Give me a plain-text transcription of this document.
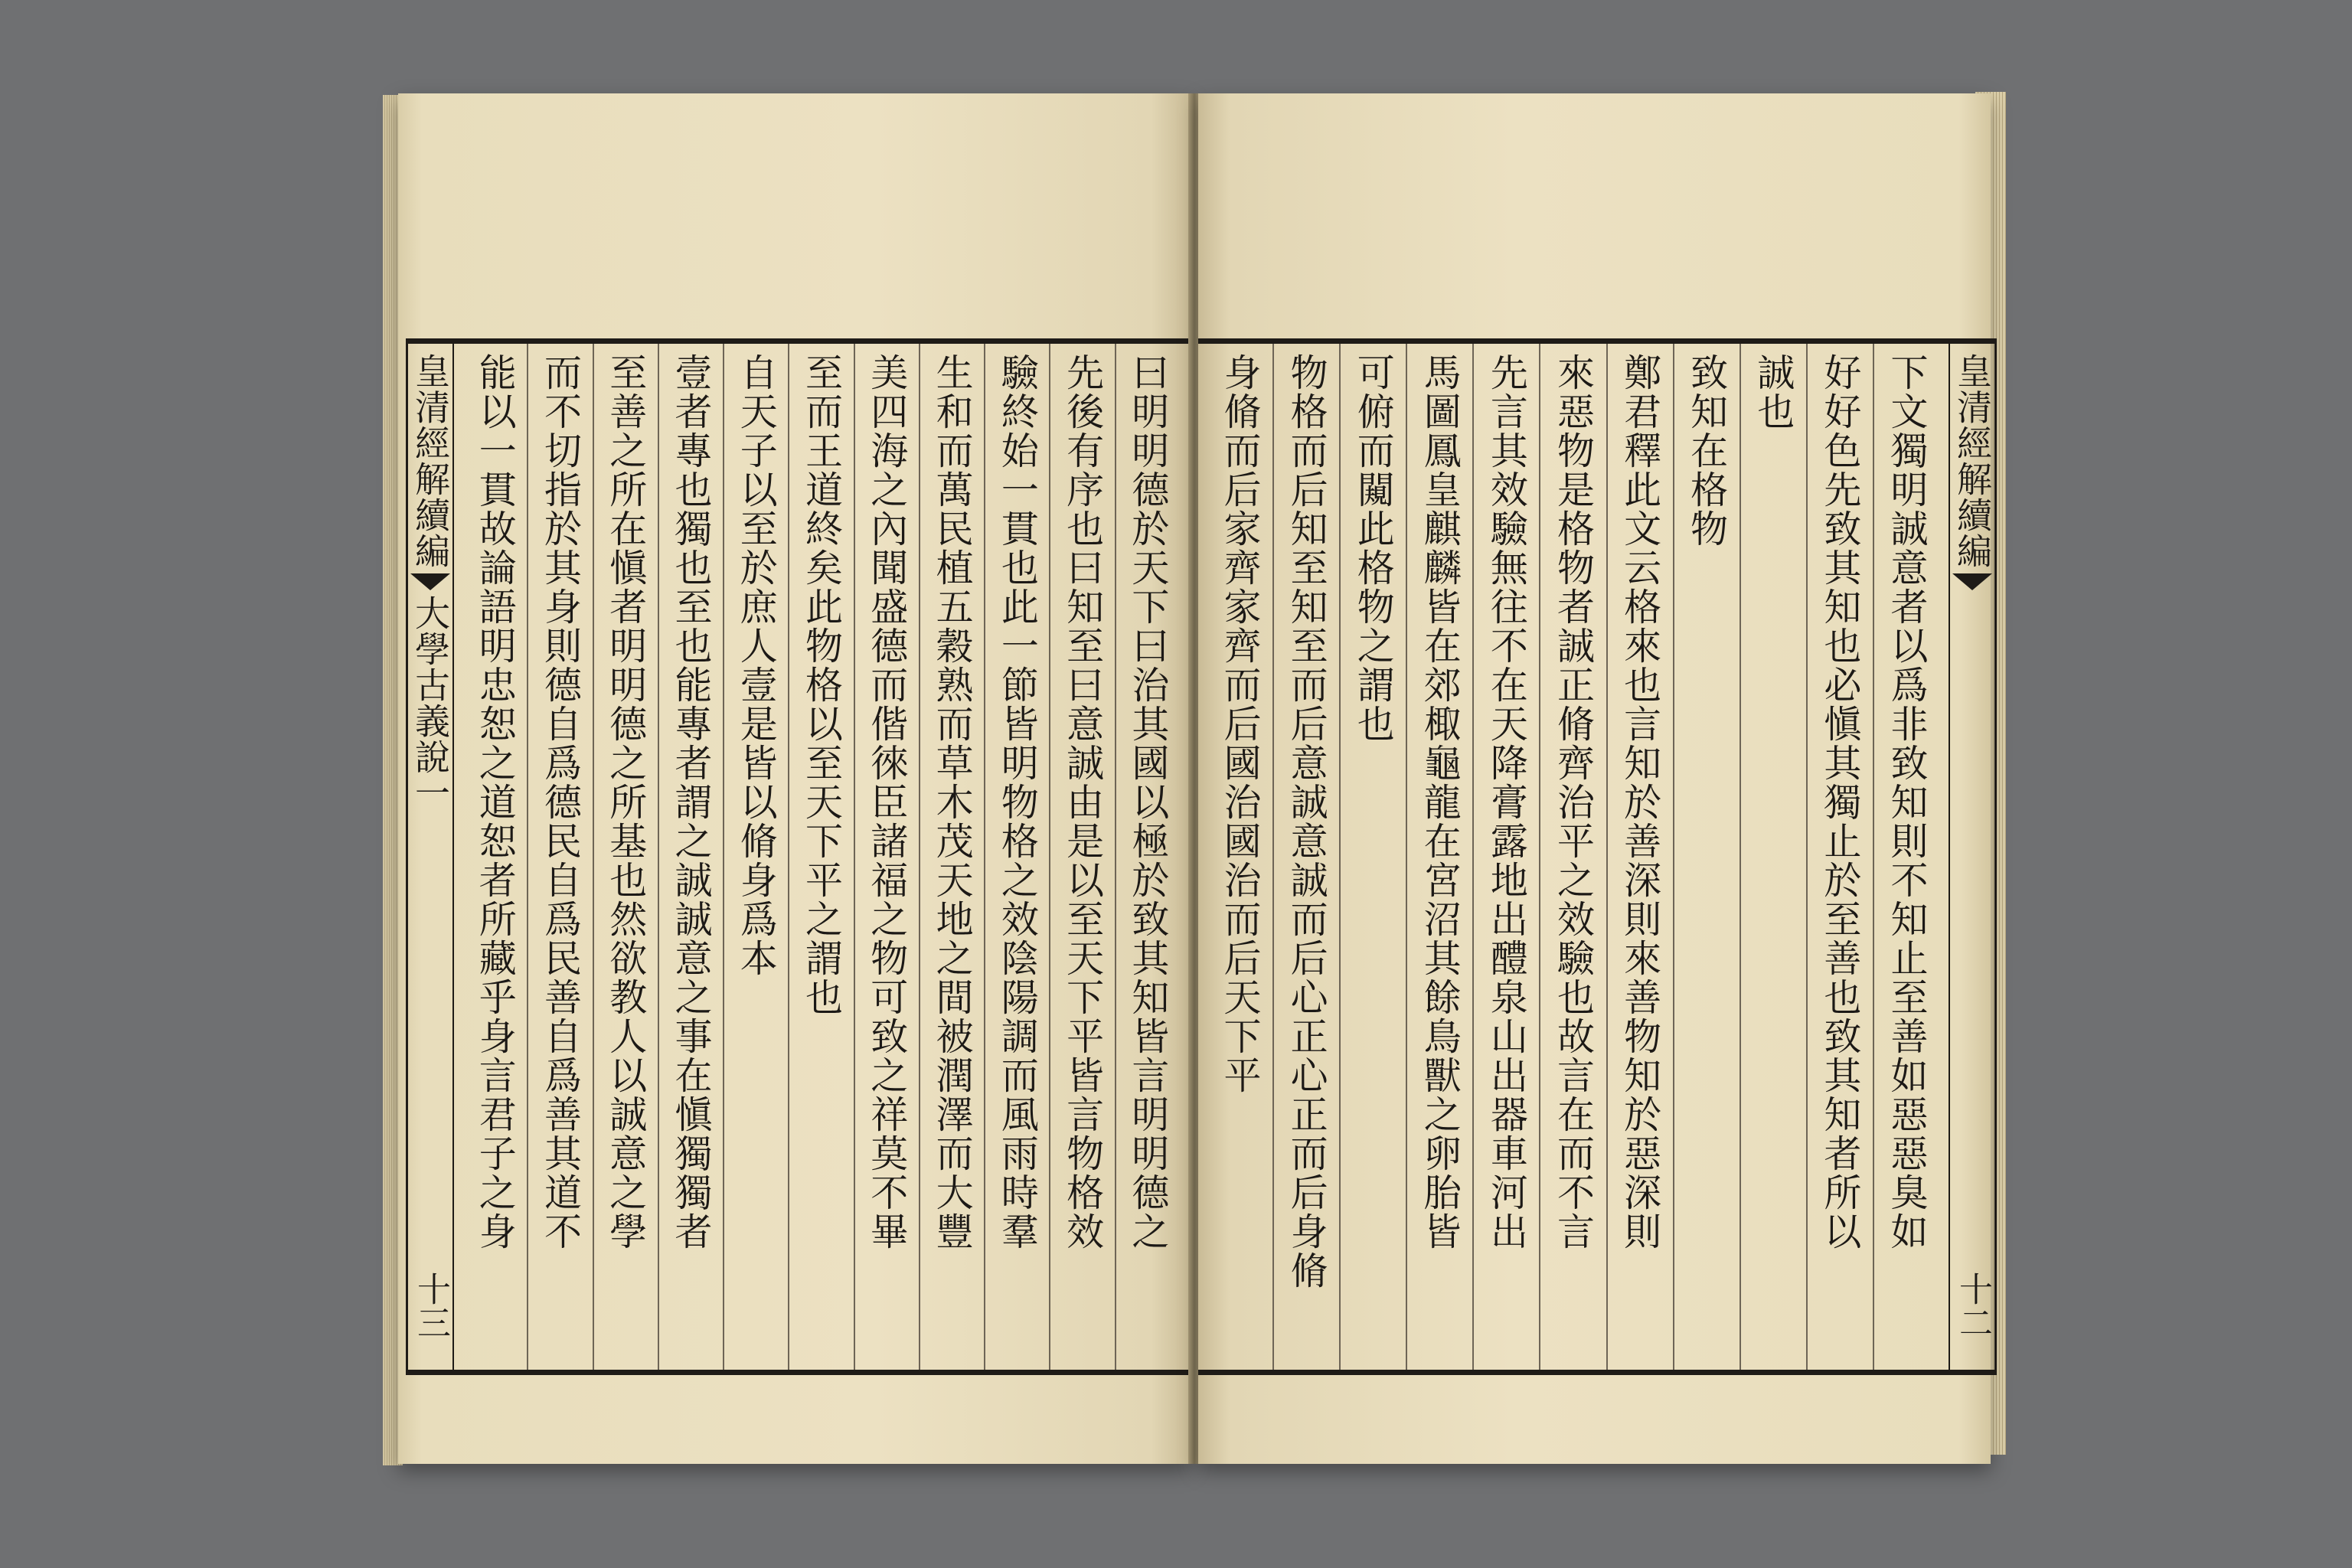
皇清經解續編
大學古義說一
十三
曰明明德於天下曰治其國以極於致其知皆言明明德之
先後有序也曰知至曰意誠由是以至天下平皆言物格效
驗終始一貫也此一節皆明物格之效陰陽調而風雨時羣
生和而萬民植五穀熟而草木茂天地之間被潤澤而大豐
美四海之內聞盛德而偕徠臣諸福之物可致之祥莫不畢
至而王道終矣此物格以至天下平之謂也
自天子以至於庶人壹是皆以脩身爲本
壹者專也獨也至也能專者謂之誠誠意之事在愼獨獨者
至善之所在愼者明明德之所基也然欲教人以誠意之學
而不切指於其身則德自爲德民自爲民善自爲善其道不
能以一貫故論語明忠恕之道恕者所藏乎身言君子之身	皇清經解續編
十二
下文獨明誠意者以爲非致知則不知止至善如惡惡臭如
好好色先致其知也必愼其獨止於至善也致其知者所以
誠也
致知在格物
鄭君釋此文云格來也言知於善深則來善物知於惡深則
來惡物是格物者誠正脩齊治平之效驗也故言在而不言
先言其效驗無往不在天降膏露地出醴泉山出器車河出
馬圖鳳皇麒麟皆在郊棷龜龍在宮沼其餘鳥獸之卵胎皆
可俯而闚此格物之謂也
物格而后知至知至而后意誠意誠而后心正心正而后身脩
身脩而后家齊家齊而后國治國治而后天下平
